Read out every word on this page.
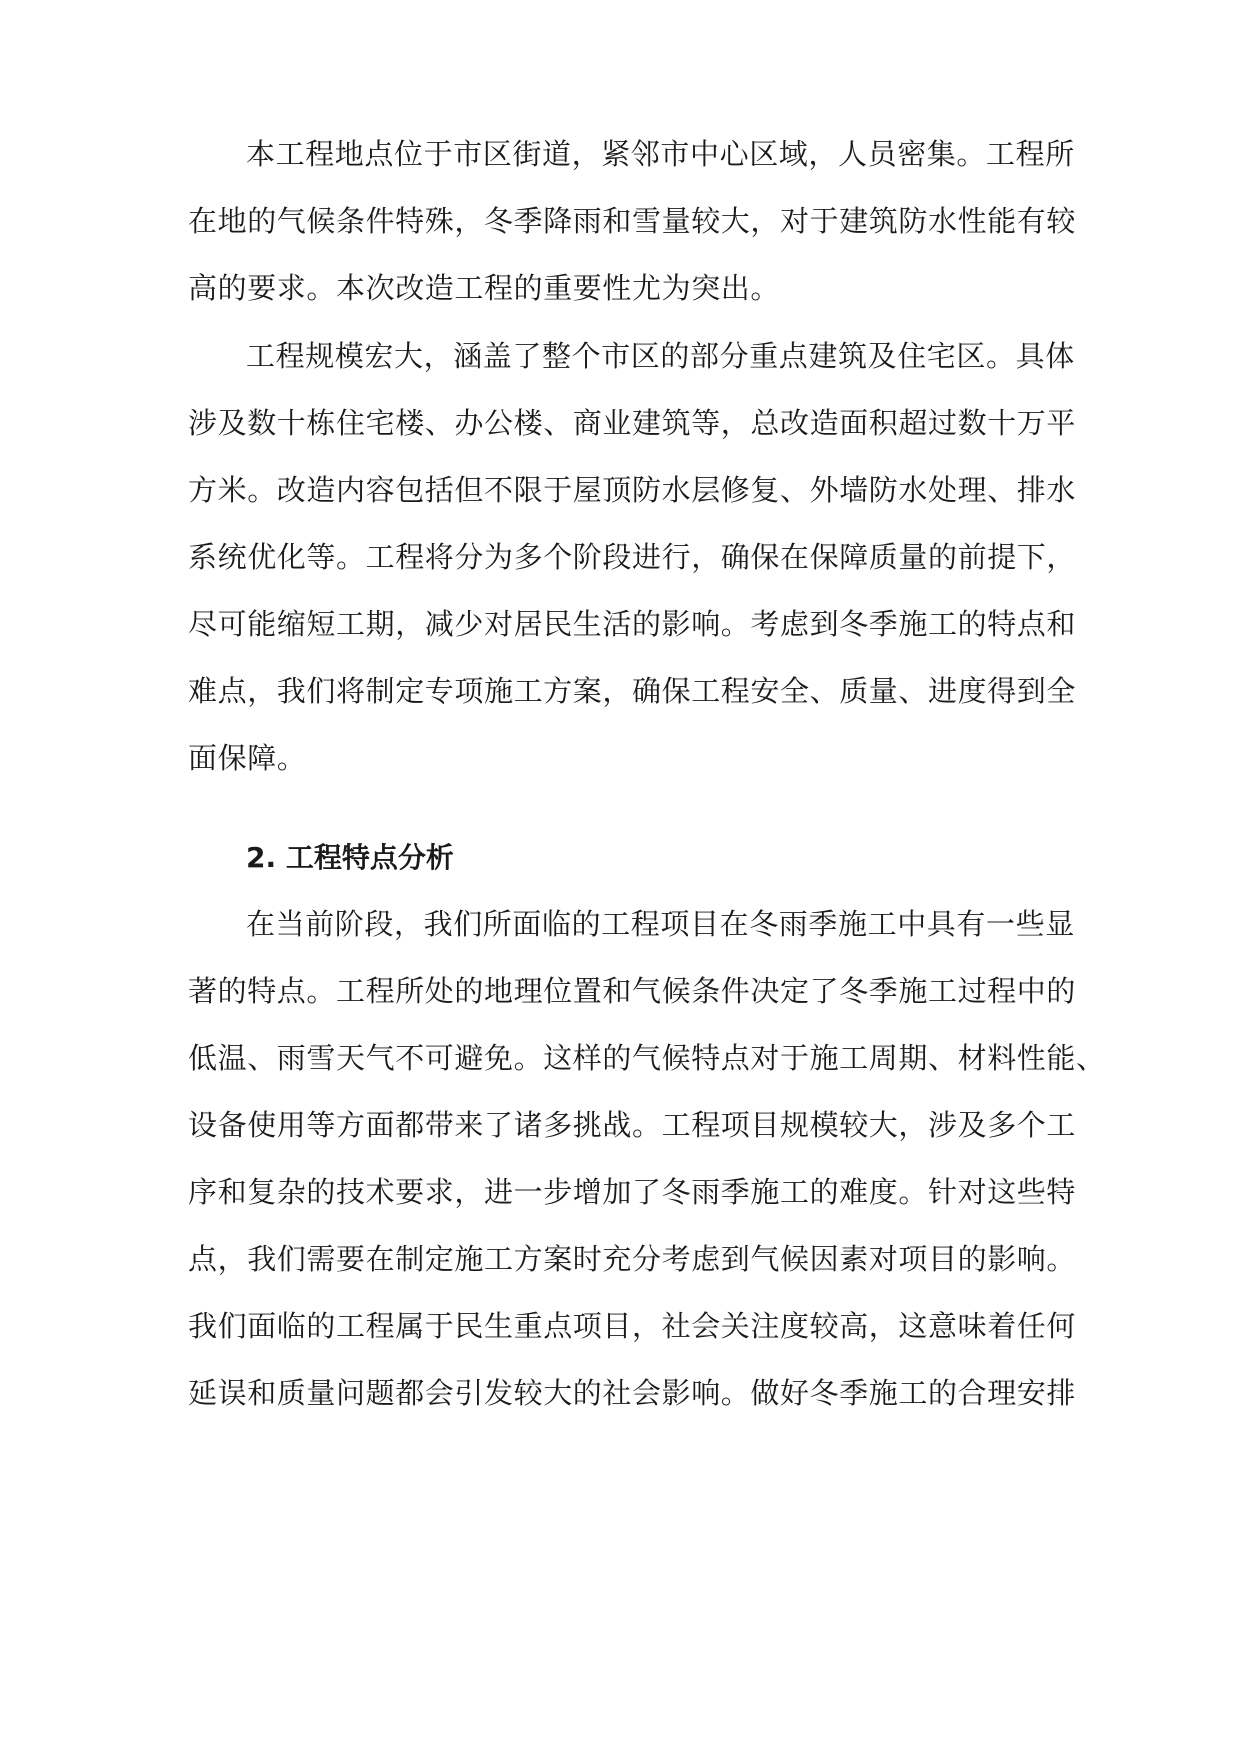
本工程地点位于市区街道，紧邻市中心区域，人员密集。工程所
在地的气候条件特殊，冬季降雨和雪量较大，对于建筑防水性能有较
高的要求。本次改造工程的重要性尤为突出。
工程规模宏大，涵盖了整个市区的部分重点建筑及住宅区。具体
涉及数十栋住宅楼、办公楼、商业建筑等，总改造面积超过数十万平
方米。改造内容包括但不限于屋顶防水层修复、外墙防水处理、排水
系统优化等。工程将分为多个阶段进行，确保在保障质量的前提下，
尽可能缩短工期，减少对居民生活的影响。考虑到冬季施工的特点和
难点，我们将制定专项施工方案，确保工程安全、质量、进度得到全
面保障。
2. 工程特点分析
在当前阶段，我们所面临的工程项目在冬雨季施工中具有一些显
著的特点。工程所处的地理位置和气候条件决定了冬季施工过程中的
低温、雨雪天气不可避免。这样的气候特点对于施工周期、材料性能、
设备使用等方面都带来了诸多挑战。工程项目规模较大，涉及多个工
序和复杂的技术要求，进一步增加了冬雨季施工的难度。针对这些特
点，我们需要在制定施工方案时充分考虑到气候因素对项目的影响。
我们面临的工程属于民生重点项目，社会关注度较高，这意味着任何
延误和质量问题都会引发较大的社会影响。做好冬季施工的合理安排
